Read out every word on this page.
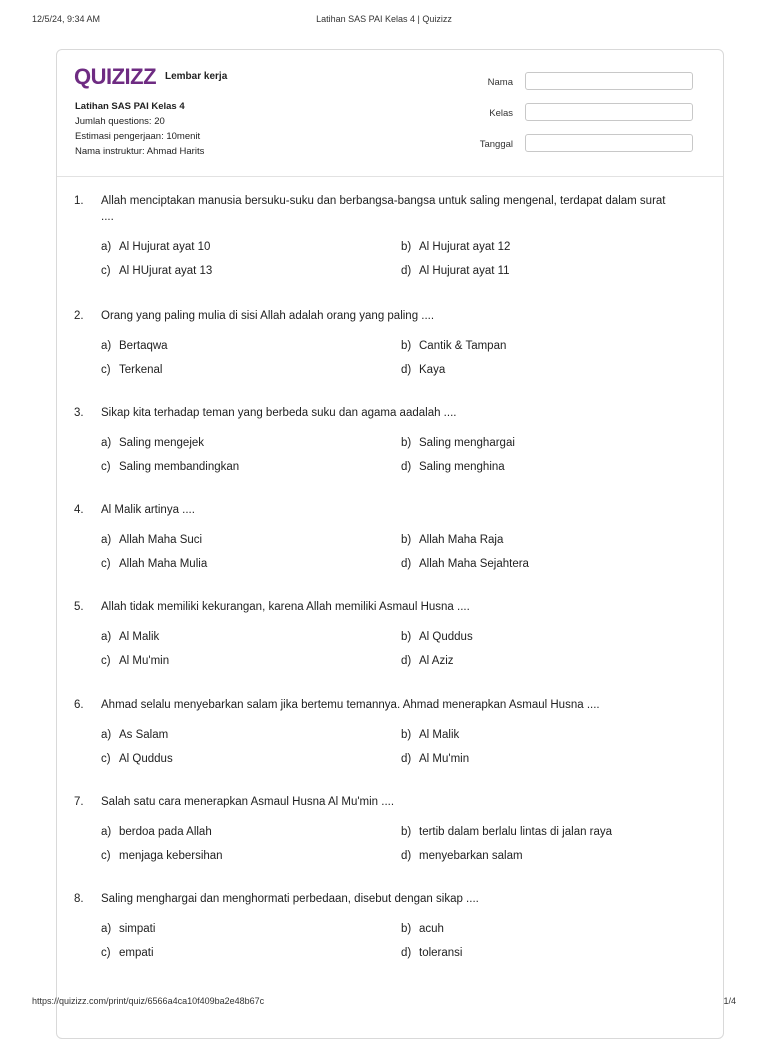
12/5/24, 9:34 AM	Latihan SAS PAI Kelas 4 | Quizizz
QUIZIZZ Lembar kerja
Latihan SAS PAI Kelas 4
Jumlah questions: 20
Estimasi pengerjaan: 10menit
Nama instruktur: Ahmad Harits
Nama
Kelas
Tanggal
1. Allah menciptakan manusia bersuku-suku dan berbangsa-bangsa untuk saling mengenal, terdapat dalam surat ....
a) Al Hujurat ayat 10	b) Al Hujurat ayat 12
c) Al HUjurat ayat 13	d) Al Hujurat ayat 11
2. Orang yang paling mulia di sisi Allah adalah orang yang paling ....
a) Bertaqwa	b) Cantik & Tampan
c) Terkenal	d) Kaya
3. Sikap kita terhadap teman yang berbeda suku dan agama aadalah ....
a) Saling mengejek	b) Saling menghargai
c) Saling membandingkan	d) Saling menghina
4. Al Malik artinya ....
a) Allah Maha Suci	b) Allah Maha Raja
c) Allah Maha Mulia	d) Allah Maha Sejahtera
5. Allah tidak memiliki kekurangan, karena Allah memiliki Asmaul Husna ....
a) Al Malik	b) Al Quddus
c) Al Mu'min	d) Al Aziz
6. Ahmad selalu menyebarkan salam jika bertemu temannya. Ahmad menerapkan Asmaul Husna ....
a) As Salam	b) Al Malik
c) Al Quddus	d) Al Mu'min
7. Salah satu cara menerapkan Asmaul Husna Al Mu'min ....
a) berdoa pada Allah	b) tertib dalam berlalu lintas di jalan raya
c) menjaga kebersihan	d) menyebarkan salam
8. Saling menghargai dan menghormati perbedaan, disebut dengan sikap ....
a) simpati	b) acuh
c) empati	d) toleransi
https://quizizz.com/print/quiz/6566a4ca10f409ba2e48b67c	1/4
